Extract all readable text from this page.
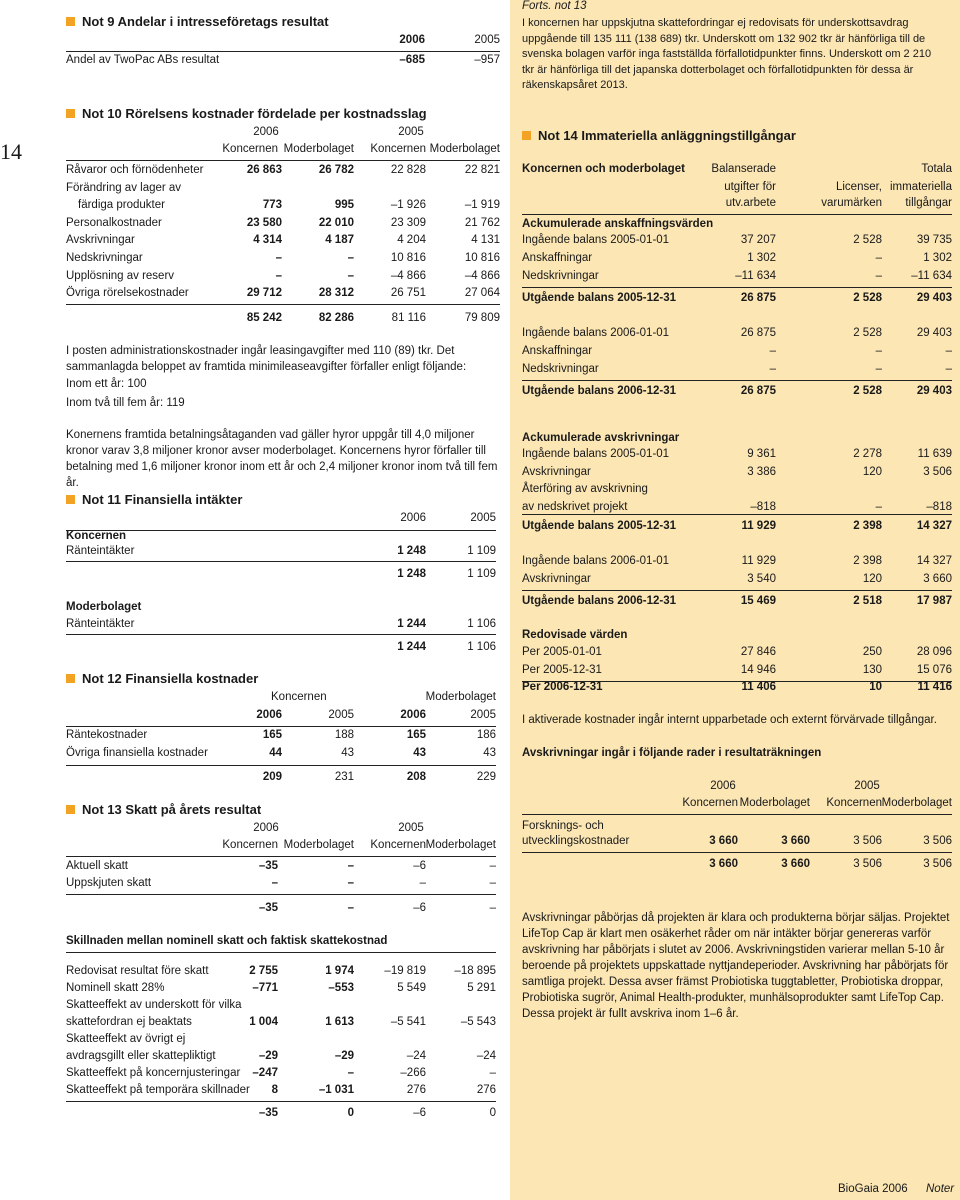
14
Not 9 Andelar i intresseföretags resultat
2006	2005
Andel av TwoPac ABs resultat	–685	–957
Not 10 Rörelsens kostnader fördelade per kostnadsslag
2006	2005
Koncernen Moderbolaget Koncernen Moderbolaget
Råvaror och förnödenheter	26 863	26 782	22 828	22 821
Förändring av lager av
färdiga produkter	773	995	–1 926	–1 919
Personalkostnader	23 580	22 010	23 309	21 762
Avskrivningar	4 314	4 187	4 204	4 131
Nedskrivningar	–	–	10 816	10 816
Upplösning av reserv	–	–	–4 866	–4 866
Övriga rörelsekostnader	29 712	28 312	26 751	27 064
85 242	82 286	81 116	79 809
I posten administrationskostnader ingår leasingavgifter med 110 (89) tkr. Det sammanlagda beloppet av framtida minimileaseavgifter förfaller enligt följande:
Inom ett år: 100
Inom två till fem år: 119
Konernens framtida betalningsåtaganden vad gäller hyror uppgår till 4,0 miljoner kronor varav 3,8 miljoner kronor avser moderbolaget. Koncernens hyror förfaller till betalning med 1,6 miljoner kronor inom ett år och 2,4 miljoner kronor inom två till fem år.
Not 11 Finansiella intäkter
2006	2005
Koncernen
Ränteintäkter	1 248	1 109
1 248	1 109
Moderbolaget
Ränteintäkter	1 244	1 106
1 244	1 106
Not 12 Finansiella kostnader
Koncernen	Moderbolaget
2006	2005	2006	2005
Räntekostnader	165	188	165	186
Övriga finansiella kostnader	44	43	43	43
209	231	208	229
Not 13 Skatt på årets resultat
2006	2005
Koncernen Moderbolaget Koncernen Moderbolaget
Aktuell skatt	–35	–	–6	–
Uppskjuten skatt	–	–	–	–
–35	–	–6	–
Skillnaden mellan nominell skatt och faktisk skattekostnad
Redovisat resultat före skatt	2 755	1 974	–19 819 –18 895
Nominell skatt 28%	–771	–553	5 549	5 291
Skatteeffekt av underskott för vilka
skattefordran ej beaktats	1 004	1 613	–5 541	–5 543
Skatteeffekt av övrigt ej
avdragsgillt eller skattepliktigt	–29	–29	–24	–24
Skatteeffekt på koncernjusteringar –247	–	–266	–
Skatteeffekt på temporära skillnader 8	–1 031	276	276
–35	0	–6	0
Forts. not 13
I koncernen har uppskjutna skattefordringar ej redovisats för underskottsavdrag uppgående till 135 111 (138 689) tkr. Underskott om 132 902 tkr är hänförliga till de svenska bolagen varför inga fastställda förfallotidpunkter finns. Underskott om 2 210 tkr är hänförliga till det japanska dotterbolaget och förfallotidpunkten för dessa är räkenskapsåret 2013.
Not 14 Immateriella anläggningstillgångar
Koncernen och moderbolaget Balanserade
utgifter för
utv.arbete
Licenser,
varumärken
Totala
immateriella
tillgångar
Ackumulerade anskaffningsvärden
Ingående balans 2005-01-01	37 207	2 528	39 735
Anskaffningar	1 302	–	1 302
Nedskrivningar	–11 634	–	–11 634
Utgående balans 2005-12-31	26 875	2 528	29 403
Ingående balans 2006-01-01	26 875	2 528	29 403
Anskaffningar	–	–	–
Nedskrivningar	–	–	–
Utgående balans 2006-12-31	26 875	2 528	29 403
Ackumulerade avskrivningar
Ingående balans 2005-01-01	9 361	2 278	11 639
Avskrivningar	3 386	120	3 506
Återföring av avskrivning
av nedskrivet projekt	–818	–	–818
Utgående balans 2005-12-31	11 929	2 398	14 327
Ingående balans 2006-01-01	11 929	2 398	14 327
Avskrivningar	3 540	120	3 660
Utgående balans 2006-12-31	15 469	2 518	17 987
Redovisade värden
Per 2005-01-01	27 846	250	28 096
Per 2005-12-31	14 946	130	15 076
Per 2006-12-31	11 406	10	11 416
I aktiverade kostnader ingår internt upparbetade och externt förvärvade tillgångar.
Avskrivningar ingår i följande rader i resultaträkningen
2006	2005
Koncernen Moderbolaget Koncernen Moderbolaget
Forsknings- och
utvecklingskostnader	3 660	3 660	3 506	3 506
3 660	3 660	3 506	3 506
Avskrivningar påbörjas då projekten är klara och produkterna börjar säljas. Projektet LifeTop Cap är klart men osäkerhet råder om när intäkter börjar genereras varför avskrivning har påbörjats i slutet av 2006. Avskrivningstiden varierar mellan 5-10 år beroende på projektets uppskattade nyttjandeperioder. Avskrivning har påbörjats för samtliga projekt. Dessa avser främst Probiotiska tuggtabletter, Probiotiska droppar, Probiotiska sugrör, Animal Health-produkter, munhälsoprodukter samt LifeTop Cap. Dessa projekt är fullt avskriva inom 1–6 år.
BioGaia 2006 Noter
